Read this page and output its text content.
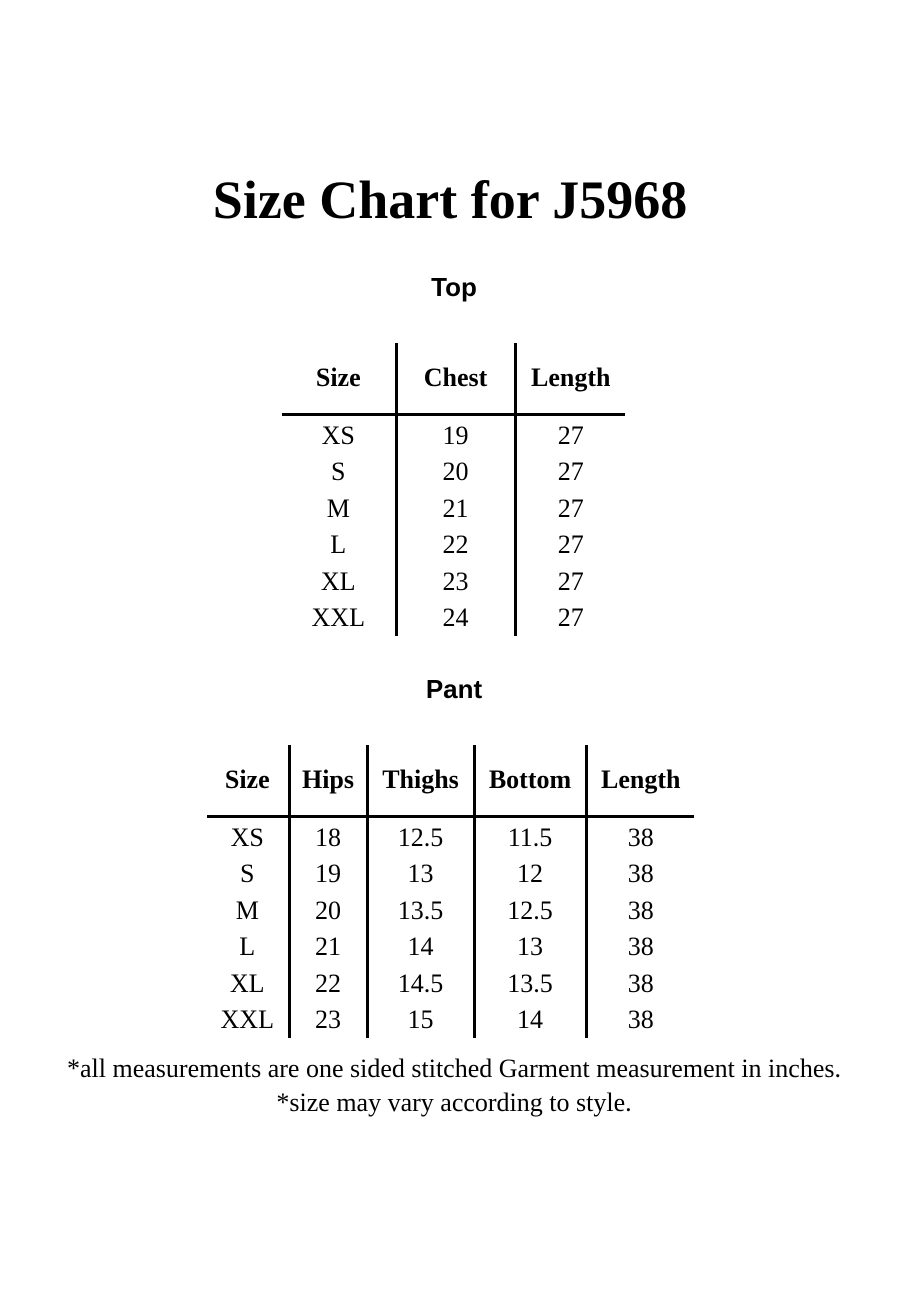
Size Chart for J5968
Top
Size	Chest	Length
XS	19	27
S	20	27
M	21	27
L	22	27
XL	23	27
XXL	24	27
Pant
Size	Hips	Thighs	Bottom	Length
XS	18	12.5	11.5	38
S	19	13	12	38
M	20	13.5	12.5	38
L	21	14	13	38
XL	22	14.5	13.5	38
XXL	23	15	14	38

*all measurements are one sided stitched Garment measurement in inches.

*size may vary according to style.
